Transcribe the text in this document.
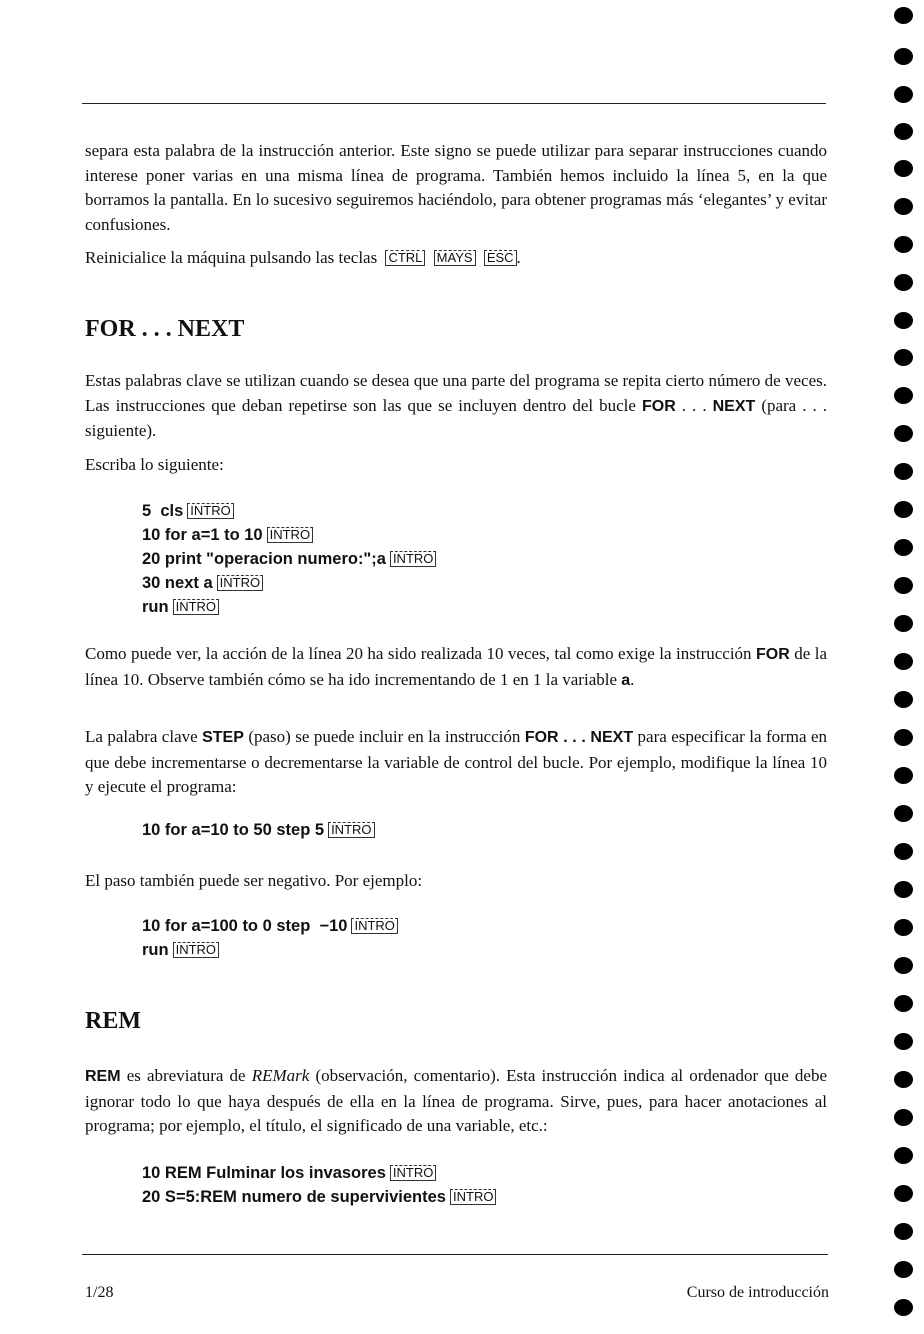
separa esta palabra de la instrucción anterior. Este signo se puede utilizar para separar instrucciones cuando interese poner varias en una misma línea de programa. También hemos incluido la línea 5, en la que borramos la pantalla. En lo sucesivo seguiremos haciéndolo, para obtener programas más ‘elegantes’ y evitar confusiones.

Reinicialice la máquina pulsando las teclas CTRL MAYS ESC .

FOR . . . NEXT

Estas palabras clave se utilizan cuando se desea que una parte del programa se repita cierto número de veces. Las instrucciones que deban repetirse son las que se incluyen dentro del bucle FOR . . . NEXT (para . . . siguiente).

Escriba lo siguiente:

5  cls INTRO
10 for a=1 to 10 INTRO
20 print "operacion numero:";a INTRO
30 next a INTRO
run INTRO

Como puede ver, la acción de la línea 20 ha sido realizada 10 veces, tal como exige la instrucción FOR de la línea 10. Observe también cómo se ha ido incrementando de 1 en 1 la variable a.

La palabra clave STEP (paso) se puede incluir en la instrucción FOR . . . NEXT para especificar la forma en que debe incrementarse o decrementarse la variable de control del bucle. Por ejemplo, modifique la línea 10 y ejecute el programa:

10 for a=10 to 50 step 5 INTRO

El paso también puede ser negativo. Por ejemplo:

10 for a=100 to 0 step  −10 INTRO
run INTRO
REM

REM es abreviatura de REMark (observación, comentario). Esta instrucción indica al ordenador que debe ignorar todo lo que haya después de ella en la línea de programa. Sirve, pues, para hacer anotaciones al programa; por ejemplo, el título, el significado de una variable, etc.:

10 REM Fulminar los invasores INTRO
20 S=5:REM numero de supervivientes INTRO

1/28	Curso de introducción
